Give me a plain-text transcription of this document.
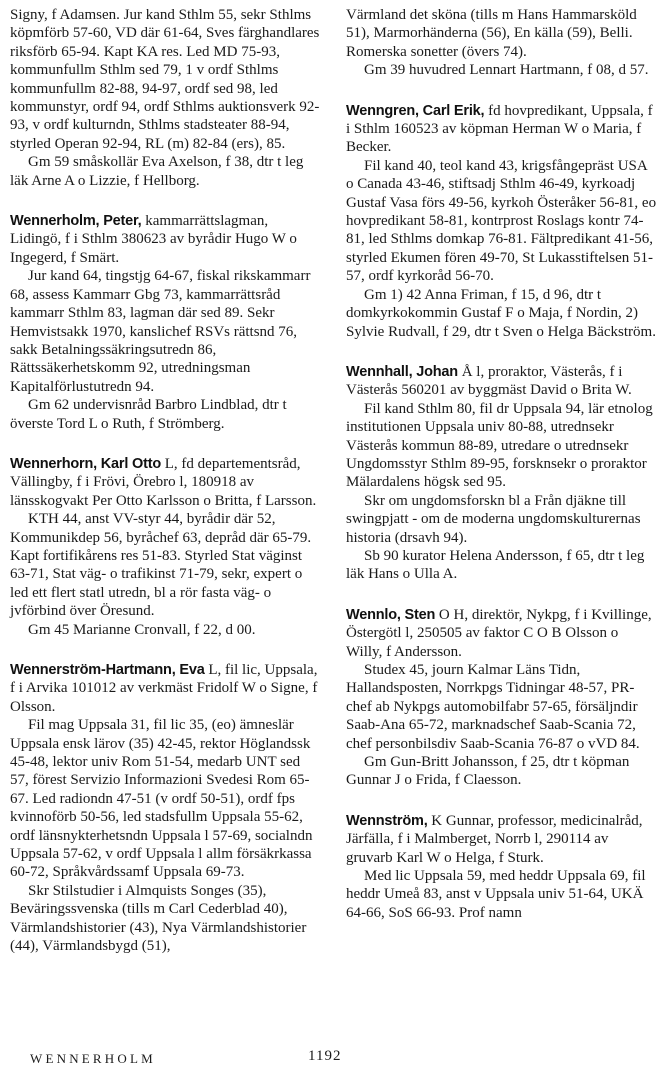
Signy, f Adamsen. Jur kand Sthlm 55, sekr Sthlms köpmförb 57-60, VD där 61-64, Sves färghandlares riksförb 65-94. Kapt KA res. Led MD 75-93, kommunfullm Sthlm sed 79, 1 v ordf Sthlms kommunfullm 82-88, 94-97, ordf sed 98, led kommunstyr, ordf 94, ordf Sthlms auktionsverk 92-93, v ordf kulturndn, Sthlms stadsteater 88-94, styrled Operan 92-94, RL (m) 82-84 (ers), 85.

Gm 59 småskollär Eva Axelson, f 38, dtr t leg läk Arne A o Lizzie, f Hellborg.

Wennerholm, Peter, kammarrättslagman, Lidingö, f i Sthlm 380623 av byrådir Hugo W o Ingegerd, f Smärt.

Jur kand 64, tingstjg 64-67, fiskal rikskammarr 68, assess Kammarr Gbg 73, kammarrättsråd kammarr Sthlm 83, lagman där sed 89. Sekr Hemvistsakk 1970, kanslichef RSVs rättsnd 76, sakk Betalningssäkringsutredn 86, Rättssäkerhetskomm 92, utredningsman Kapitalförlustutredn 94.

Gm 62 undervisnråd Barbro Lindblad, dtr t överste Tord L o Ruth, f Strömberg.

Wennerhorn, Karl Otto L, fd departementsråd, Vällingby, f i Frövi, Örebro l, 180918 av länsskogvakt Per Otto Karlsson o Britta, f Larsson.

KTH 44, anst VV-styr 44, byrådir där 52, Kommunikdep 56, byråchef 63, depråd där 65-79. Kapt fortifikårens res 51-83. Styrled Stat väginst 63-71, Stat väg- o trafikinst 71-79, sekr, expert o led ett flert statl utredn, bl a rör fasta väg- o jvförbind över Öresund.

Gm 45 Marianne Cronvall, f 22, d 00.

Wennerström-Hartmann, Eva L, fil lic, Uppsala, f i Arvika 101012 av verkmäst Fridolf W o Signe, f Olsson.

Fil mag Uppsala 31, fil lic 35, (eo) ämneslär Uppsala ensk lärov (35) 42-45, rektor Höglandssk 45-48, lektor univ Rom 51-54, medarb UNT sed 57, förest Servizio Informazioni Svedesi Rom 65-67. Led radiondn 47-51 (v ordf 50-51), ordf fps kvinnoförb 50-56, led stadsfullm Uppsala 55-62, ordf länsnykterhetsndn Uppsala l 57-69, socialndn Uppsala 57-62, v ordf Uppsala l allm försäkrkassa 60-72, Språkvårdssamf Uppsala 69-73.

Skr Stilstudier i Almquists Songes (35), Beväringssvenska (tills m Carl Cederblad 40), Värmlandshistorier (43), Nya Värmlandshistorier (44), Värmlandsbygd (51),

Värmland det sköna (tills m Hans Hammarsköld 51), Marmorhänderna (56), En källa (59), Belli. Romerska sonetter (övers 74).

Gm 39 huvudred Lennart Hartmann, f 08, d 57.

Wenngren, Carl Erik, fd hovpredikant, Uppsala, f i Sthlm 160523 av köpman Herman W o Maria, f Becker.

Fil kand 40, teol kand 43, krigsfångepräst USA o Canada 43-46, stiftsadj Sthlm 46-49, kyrkoadj Gustaf Vasa förs 49-56, kyrkoh Österåker 56-81, eo hovpredikant 58-81, kontrprost Roslags kontr 74-81, led Sthlms domkap 76-81. Fältpredikant 41-56, styrled Ekumen fören 49-70, St Lukasstiftelsen 51-57, ordf kyrkoråd 56-70.

Gm 1) 42 Anna Friman, f 15, d 96, dtr t domkyrkokommin Gustaf F o Maja, f Nordin, 2) Sylvie Rudvall, f 29, dtr t Sven o Helga Bäckström.

Wennhall, Johan Å l, proraktor, Västerås, f i Västerås 560201 av byggmäst David o Brita W.

Fil kand Sthlm 80, fil dr Uppsala 94, lär etnolog institutionen Uppsala univ 80-88, utrednsekr Västerås kommun 88-89, utredare o utrednsekr Ungdomsstyr Sthlm 89-95, forsknsekr o proraktor Mälardalens högsk sed 95.

Skr om ungdomsforskn bl a Från djäkne till swingpjatt - om de moderna ungdomskulturernas historia (drsavh 94).

Sb 90 kurator Helena Andersson, f 65, dtr t leg läk Hans o Ulla A.

Wennlo, Sten O H, direktör, Nykpg, f i Kvillinge, Östergötl l, 250505 av faktor C O B Olsson o Willy, f Andersson.

Studex 45, journ Kalmar Läns Tidn, Hallandsposten, Norrkpgs Tidningar 48-57, PR-chef ab Nykpgs automobilfabr 57-65, försäljndir Saab-Ana 65-72, marknadschef Saab-Scania 72, chef personbilsdiv Saab-Scania 76-87 o vVD 84.

Gm Gun-Britt Johansson, f 25, dtr t köpman Gunnar J o Frida, f Claesson.

Wennström, K Gunnar, professor, medicinalråd, Järfälla, f i Malmberget, Norrb l, 290114 av gruvarb Karl W o Helga, f Sturk.

Med lic Uppsala 59, med heddr Uppsala 69, fil heddr Umeå 83, anst v Uppsala univ 51-64, UKÄ 64-66, SoS 66-93. Prof namn

WENNERHOLM	1192
